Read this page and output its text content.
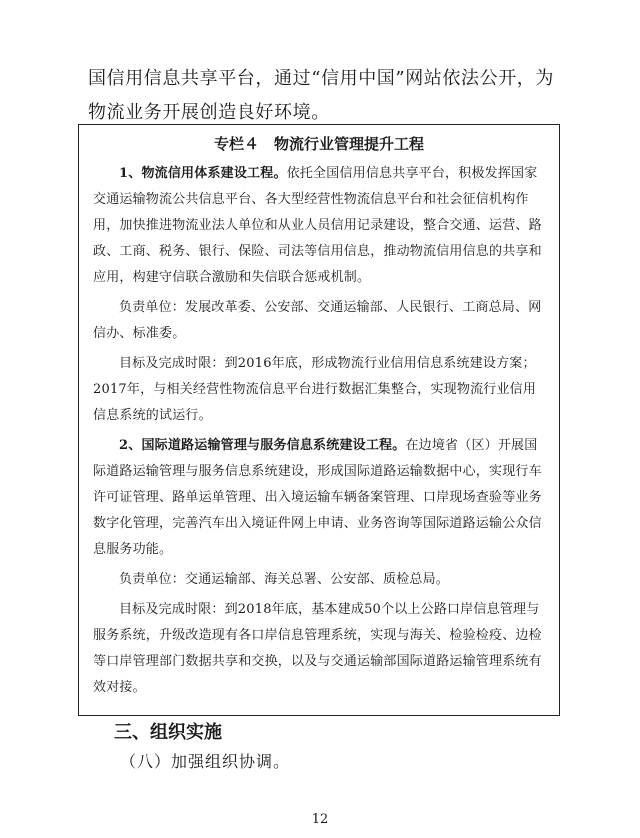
国信用信息共享平台，通过“信用中国”网站依法公开，为物流业务开展创造良好环境。

专栏４　物流行业管理提升工程

1、物流信用体系建设工程。依托全国信用信息共享平台，积极发挥国家交通运输物流公共信息平台、各大型经营性物流信息平台和社会征信机构作用，加快推进物流业法人单位和从业人员信用记录建设，整合交通、运营、路政、工商、税务、银行、保险、司法等信用信息，推动物流信用信息的共享和应用，构建守信联合激励和失信联合惩戒机制。

负责单位：发展改革委、公安部、交通运输部、人民银行、工商总局、网信办、标准委。

目标及完成时限：到2016年底，形成物流行业信用信息系统建设方案；2017年，与相关经营性物流信息平台进行数据汇集整合，实现物流行业信用信息系统的试运行。

2、国际道路运输管理与服务信息系统建设工程。在边境省（区）开展国际道路运输管理与服务信息系统建设，形成国际道路运输数据中心，实现行车许可证管理、路单运单管理、出入境运输车辆备案管理、口岸现场查验等业务数字化管理，完善汽车出入境证件网上申请、业务咨询等国际道路运输公众信息服务功能。

负责单位：交通运输部、海关总署、公安部、质检总局。

目标及完成时限：到2018年底，基本建成50个以上公路口岸信息管理与服务系统，升级改造现有各口岸信息管理系统，实现与海关、检验检疫、边检等口岸管理部门数据共享和交换，以及与交通运输部国际道路运输管理系统有效对接。

三、组织实施

（八）加强组织协调。

12
